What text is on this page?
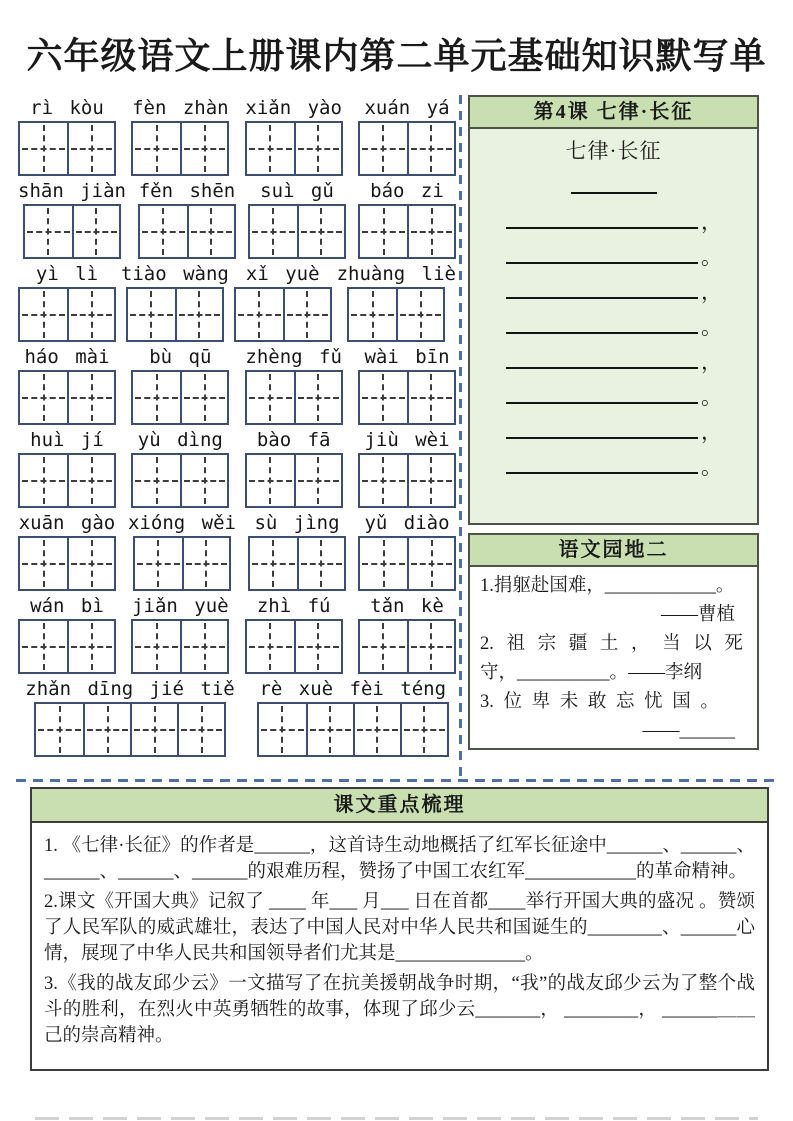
六年级语文上册课内第二单元基础知识默写单
rì kòu fèn zhàn xiǎn yào xuán yá
shān jiàn fěn shēn suì gǔ báo zi
yì lì tiào wàng xǐ yuè zhuàng liè
háo mài bù qū zhèng fǔ wài bīn
huì jí yù dìng bào fā jiù wèi
xuān gào xióng wěi sù jìng yǔ diào
wán bì jiǎn yuè zhì fú tǎn kè
zhǎn dīng jié tiě rè xuè fèi téng
第4课 七律·长征
七律·长征
，
。
，
。
，
。
，
。
语文园地二
1.捐躯赴国难，____________。
——曹植
2. 祖 宗 疆 土 ， 当 以 死 守，__________。——李纲
3. 位 卑 未 敢 忘 忧 国 。
——______
课文重点梳理

1. 《七律·长征》的作者是______，这首诗生动地概括了红军长征途中______、______、______、______、______的艰难历程，赞扬了中国工农红军____________的革命精神。

2.课文《开国大典》记叙了 ____ 年___ 月___ 日在首都____举行开国大典的盛况 。赞颂了人民军队的威武雄壮，表达了中国人民对中华人民共和国诞生的________、______心情，展现了中华人民共和国领导者们尤其是______________。

3.《我的战友邱少云》一文描写了在抗美援朝战争时期，“我”的战友邱少云为了整个战斗的胜利，在烈火中英勇牺牲的故事，体现了邱少云_______， ________， ______＿＿己的崇高精神。
